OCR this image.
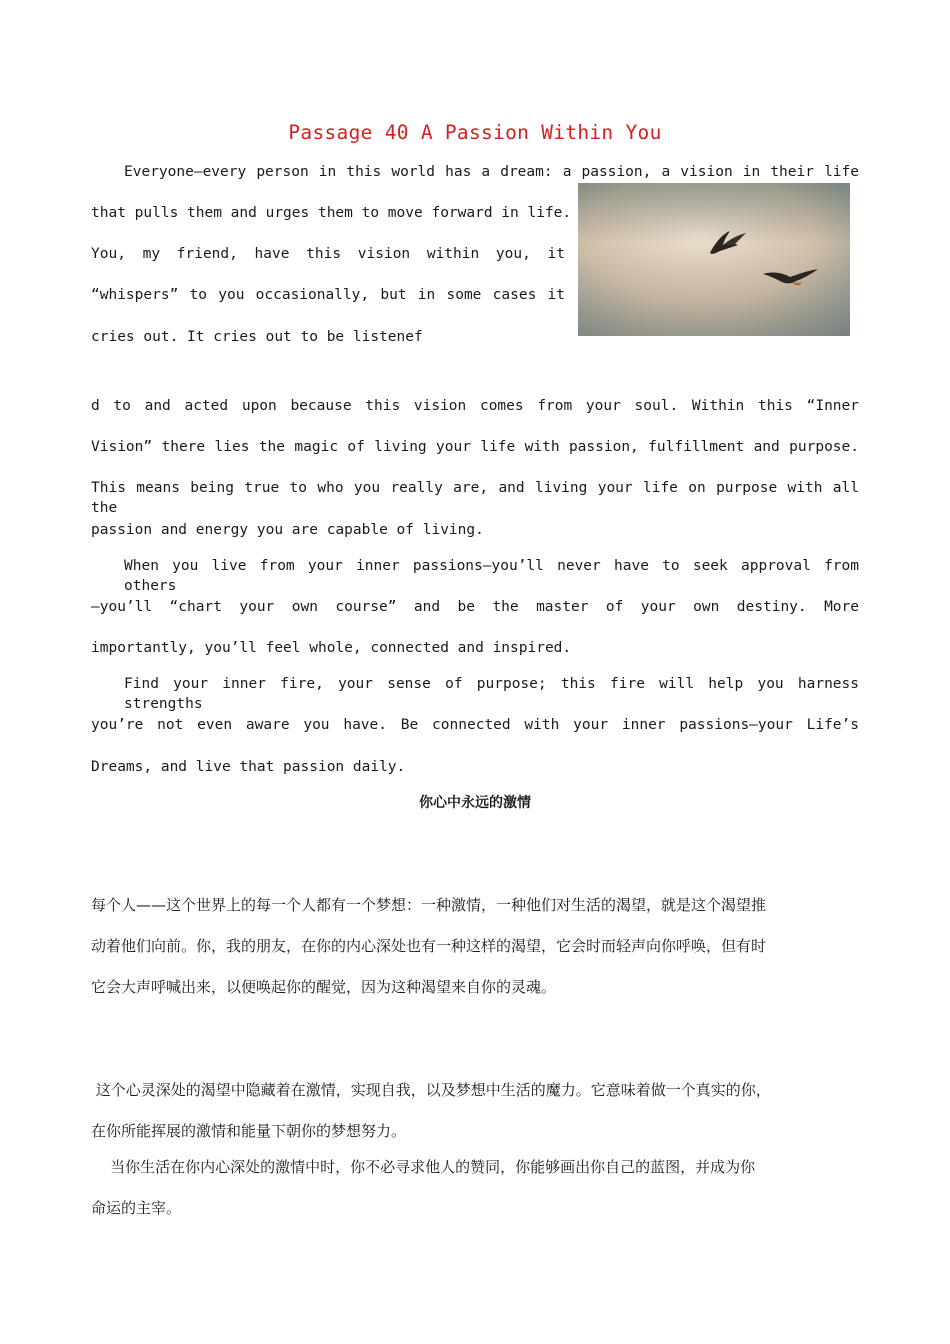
Passage 40 A Passion Within You
Everyone—every person in this world has a dream: a passion, a vision in their life
that pulls them and urges them to move forward in life.
You, my friend, have this vision within you, it
“whispers” to you occasionally, but in some cases it
cries out. It cries out to be listenef
d to and acted upon because this vision comes from your soul. Within this “Inner
Vision” there lies the magic of living your life with passion, fulfillment and purpose.
This means being true to who you really are, and living your life on purpose with all the
passion and energy you are capable of living.
When you live from your inner passions—you’ll never have to seek approval from others
—you’ll “chart your own course” and be the master of your own destiny. More
importantly, you’ll feel whole, connected and inspired.
Find your inner fire, your sense of purpose; this fire will help you harness strengths
you’re not even aware you have. Be connected with your inner passions—your Life’s
Dreams, and live that passion daily.
你心中永远的激情
每个人——这个世界上的每一个人都有一个梦想：一种激情，一种他们对生活的渴望，就是这个渴望推
动着他们向前。你，我的朋友，在你的内心深处也有一种这样的渴望，它会时而轻声向你呼唤，但有时
它会大声呼喊出来，以便唤起你的醒觉，因为这种渴望来自你的灵魂。
这个心灵深处的渴望中隐藏着在激情，实现自我，以及梦想中生活的魔力。它意味着做一个真实的你，
在你所能挥展的激情和能量下朝你的梦想努力。
当你生活在你内心深处的激情中时，你不必寻求他人的赞同，你能够画出你自己的蓝图，并成为你
命运的主宰。
